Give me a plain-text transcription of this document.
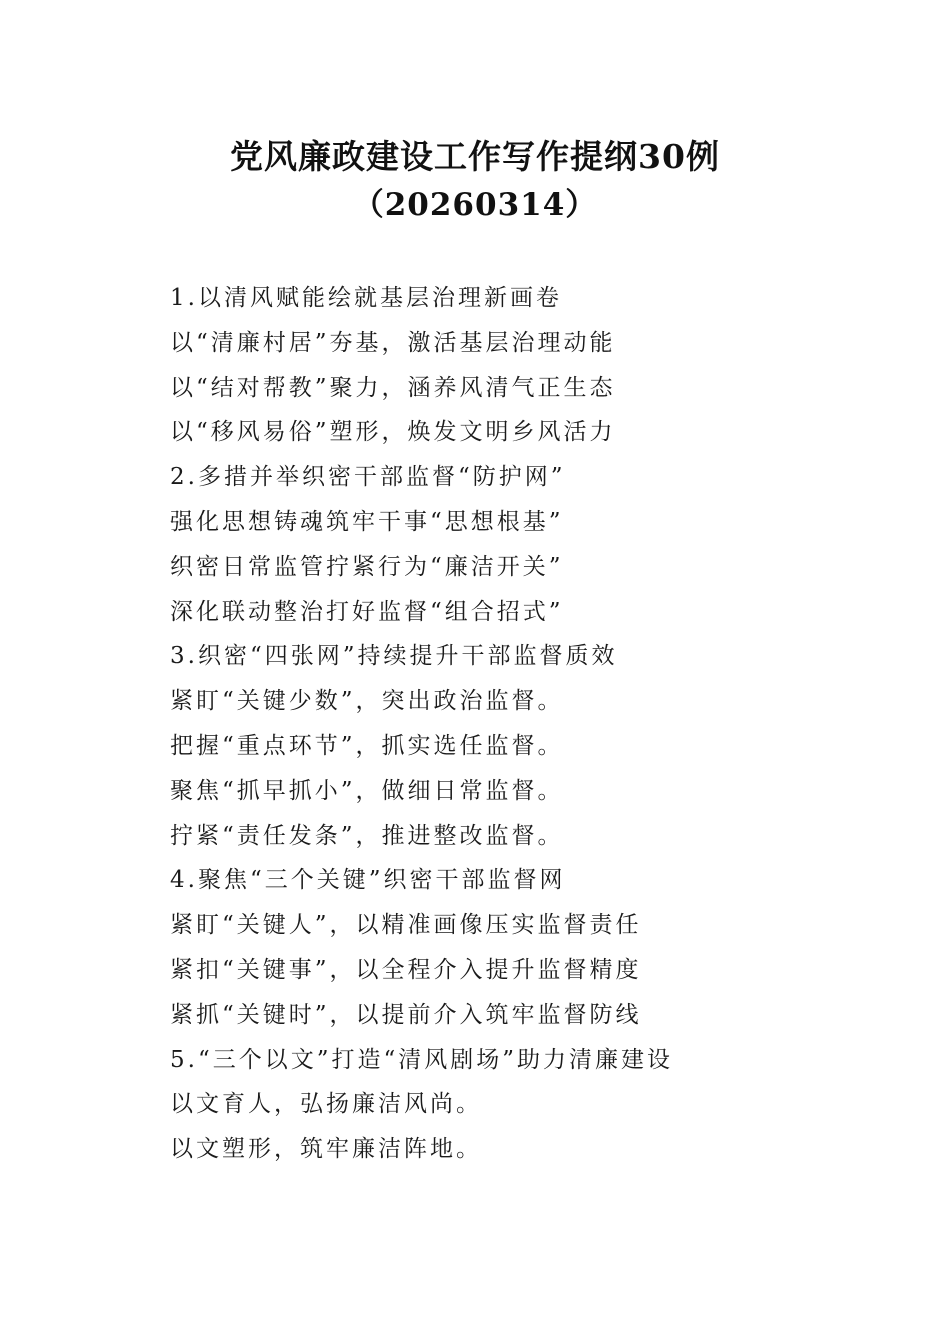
党风廉政建设工作写作提纲30例
（20260314）
1.以清风赋能绘就基层治理新画卷
以“清廉村居”夯基，激活基层治理动能
以“结对帮教”聚力，涵养风清气正生态
以“移风易俗”塑形，焕发文明乡风活力
2.多措并举织密干部监督“防护网”
强化思想铸魂筑牢干事“思想根基”
织密日常监管拧紧行为“廉洁开关”
深化联动整治打好监督“组合招式”
3.织密“四张网”持续提升干部监督质效
紧盯“关键少数”，突出政治监督。
把握“重点环节”，抓实选任监督。
聚焦“抓早抓小”，做细日常监督。
拧紧“责任发条”，推进整改监督。
4.聚焦“三个关键”织密干部监督网
紧盯“关键人”，以精准画像压实监督责任
紧扣“关键事”，以全程介入提升监督精度
紧抓“关键时”，以提前介入筑牢监督防线
5.“三个以文”打造“清风剧场”助力清廉建设
以文育人，弘扬廉洁风尚。
以文塑形，筑牢廉洁阵地。
